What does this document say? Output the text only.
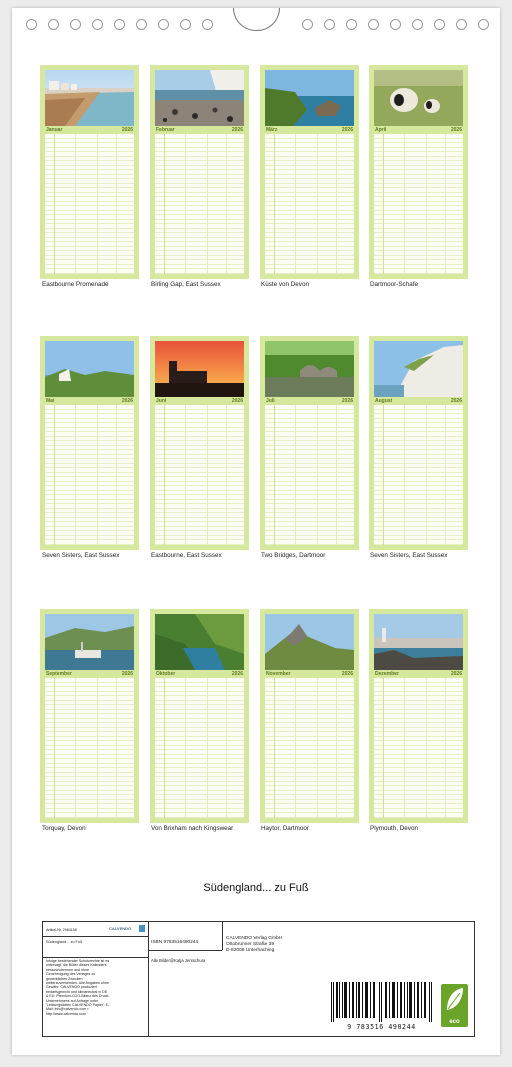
Januar	2026
Eastbourne Promenade
Februar	2026
Birling Gap, East Sussex
März	2026
Küste von Devon
April	2026
Dartmoor-Schafe
Mai	2026
Seven Sisters, East Sussex
Juni	2026
Eastbourne, East Sussex
Juli	2026
Two Bridges, Dartmoor
August	2026
Seven Sisters, East Sussex
September	2026
Torquay, Devon
Oktober	2026
Von Brixham nach Kingswear
November	2026
Haytor, Dartmoor
Dezember	2026
Plymouth, Devon
Südengland... zu Fuß
Artikel-Nr. 2984158	CALVENDO
Südengland... zu Fuß
Infolge bestehender Schutzrechte ist es untersagt, die Bilder dieses Kalenders herauszutrennen und ohne Genehmigung des Verlages zu gewerblichen Zwecken weiterzuverwenden. Alle Angaben ohne Gewähr. CALVENDO produziert bedarfsgerecht und klimaneutral in DE & EU. Premium-COO-Bilanz des Druck-Unternehmens auf Anfrage unter 'Leistungsdaten CALVENDO Papier'. E-Mail: info@calvendo.com • http://www.calvendo.com
ISBN 9783516490244
Alle Bilder@Katja Jentschura
CALVENDO Verlag GmbH
Ottobrunner Straße 39
D-82008 Unterhaching
9 783516 490244
eco
